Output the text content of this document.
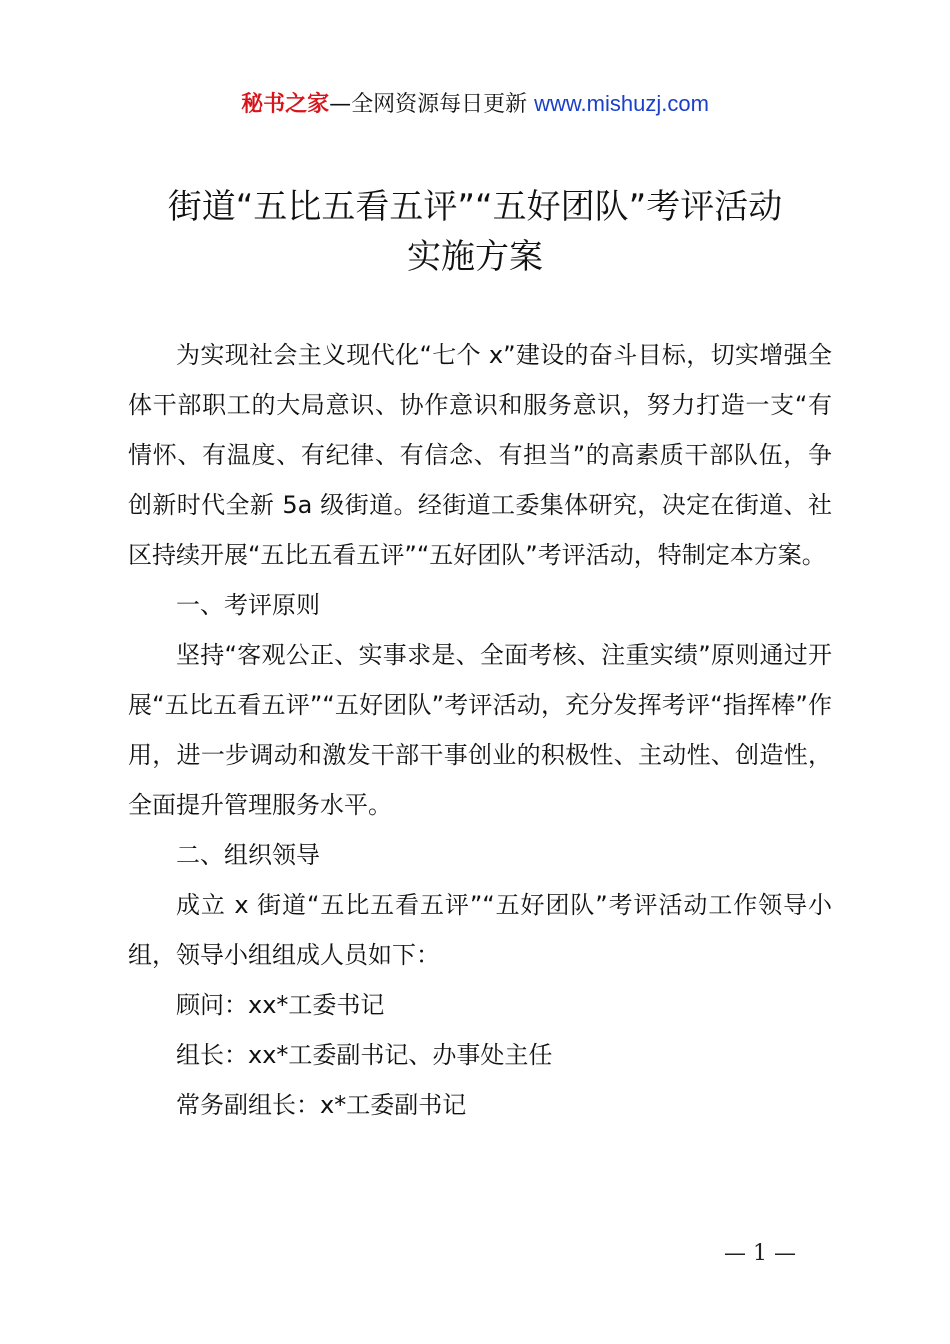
秘书之家—全网资源每日更新 www.mishuzj.com
街道“五比五看五评”“五好团队”考评活动
实施方案

为实现社会主义现代化“七个 x”建设的奋斗目标，切实增强全体干部职工的大局意识、协作意识和服务意识，努力打造一支“有情怀、有温度、有纪律、有信念、有担当”的高素质干部队伍，争创新时代全新 5a 级街道。经街道工委集体研究，决定在街道、社区持续开展“五比五看五评”“五好团队”考评活动，特制定本方案。

一、考评原则

坚持“客观公正、实事求是、全面考核、注重实绩”原则通过开展“五比五看五评”“五好团队”考评活动，充分发挥考评“指挥棒”作用，进一步调动和激发干部干事创业的积极性、主动性、创造性，全面提升管理服务水平。

二、组织领导

成立 x 街道“五比五看五评”“五好团队”考评活动工作领导小组，领导小组组成人员如下：

顾问：xx*工委书记

组长：xx*工委副书记、办事处主任

常务副组长：x*工委副书记

— 1 —
